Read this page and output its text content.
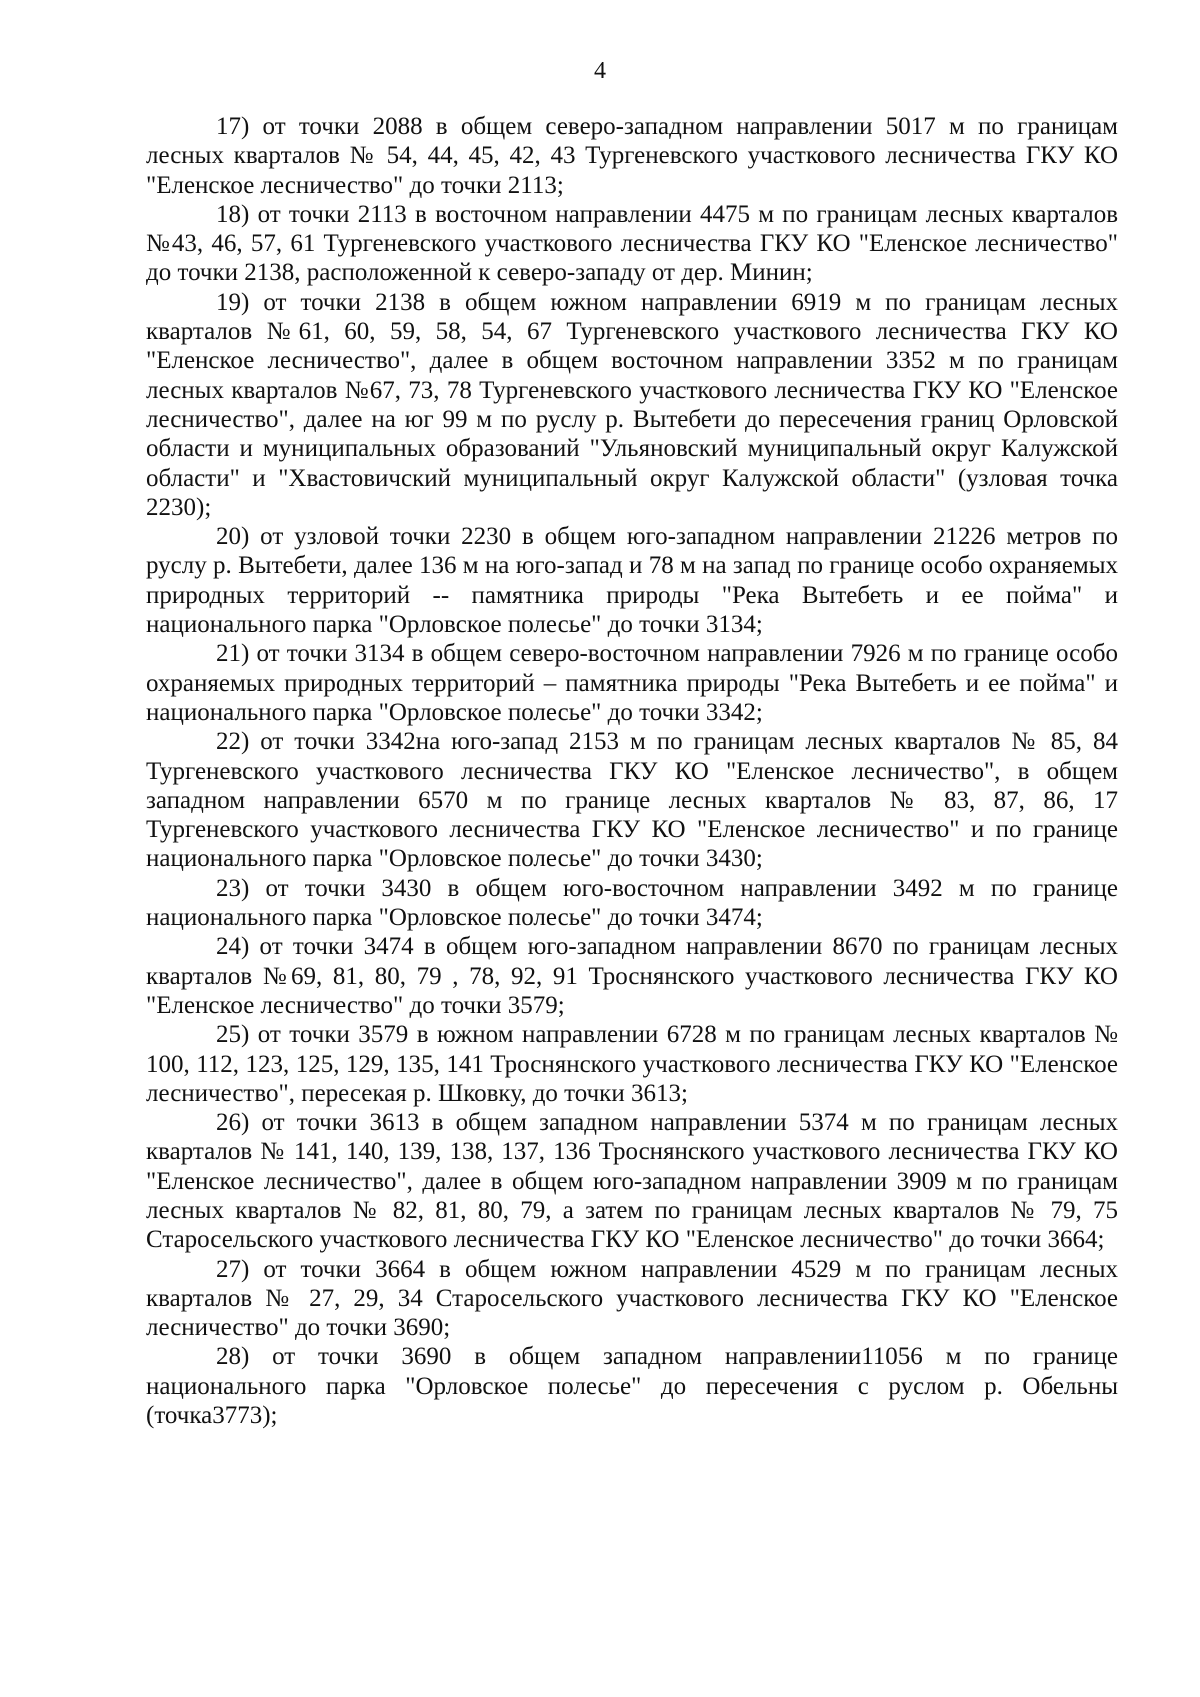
4

17) от точки 2088 в общем северо-западном направлении 5017 м по границам лесных кварталов № 54, 44, 45, 42, 43 Тургеневского участкового лесничества ГКУ КО "Еленское лесничество" до точки 2113;

18) от точки 2113 в восточном направлении 4475 м по границам лесных кварталов №43, 46, 57, 61 Тургеневского участкового лесничества ГКУ КО "Еленское лесничество" до точки 2138, расположенной к северо-западу от дер. Минин;

19) от точки 2138 в общем южном направлении 6919 м по границам лесных кварталов №61, 60, 59, 58, 54, 67 Тургеневского участкового лесничества ГКУ КО "Еленское лесничество", далее в общем восточном направлении 3352 м по границам лесных кварталов №67, 73, 78 Тургеневского участкового лесничества ГКУ КО "Еленское лесничество", далее на юг 99 м по руслу р. Вытебети до пересечения границ Орловской области и муниципальных образований "Ульяновский муниципальный округ Калужской области" и "Хвастовичский муниципальный округ Калужской области" (узловая точка 2230);

20) от узловой точки 2230 в общем юго-западном направлении 21226 метров по руслу р. Вытебети, далее 136 м на юго-запад и 78 м на запад по границе особо охраняемых природных территорий -- памятника природы "Река Вытебеть и ее пойма" и национального парка "Орловское полесье" до точки 3134;

21) от точки 3134 в общем северо-восточном направлении 7926 м по границе особо охраняемых природных территорий – памятника природы "Река Вытебеть и ее пойма" и национального парка "Орловское полесье" до точки 3342;

22) от точки 3342на юго-запад 2153 м по границам лесных кварталов № 85, 84 Тургеневского участкового лесничества ГКУ КО "Еленское лесничество", в общем западном направлении 6570 м по границе лесных кварталов № 83, 87, 86, 17 Тургеневского участкового лесничества ГКУ КО "Еленское лесничество" и по границе национального парка "Орловское полесье" до точки 3430;

23) от точки 3430 в общем юго-восточном направлении 3492 м по границе национального парка "Орловское полесье" до точки 3474;

24) от точки 3474 в общем юго-западном направлении 8670 по границам лесных кварталов №69, 81, 80, 79 , 78, 92, 91 Троснянского участкового лесничества ГКУ КО "Еленское лесничество" до точки 3579;

25) от точки 3579 в южном направлении 6728 м по границам лесных кварталов № 100, 112, 123, 125, 129, 135, 141 Троснянского участкового лесничества ГКУ КО "Еленское лесничество", пересекая р. Шковку, до точки 3613;

26) от точки 3613 в общем западном направлении 5374 м по границам лесных кварталов № 141, 140, 139, 138, 137, 136 Троснянского участкового лесничества ГКУ КО "Еленское лесничество", далее в общем юго-западном направлении 3909 м по границам лесных кварталов № 82, 81, 80, 79, а затем по границам лесных кварталов № 79, 75 Старосельского участкового лесничества ГКУ КО "Еленское лесничество" до точки 3664;

27) от точки 3664 в общем южном направлении 4529 м по границам лесных кварталов № 27, 29, 34 Старосельского участкового лесничества ГКУ КО "Еленское лесничество" до точки 3690;

28) от точки 3690 в общем западном направлении11056 м по границе национального парка "Орловское полесье" до пересечения с руслом р. Обельны (точка3773);
